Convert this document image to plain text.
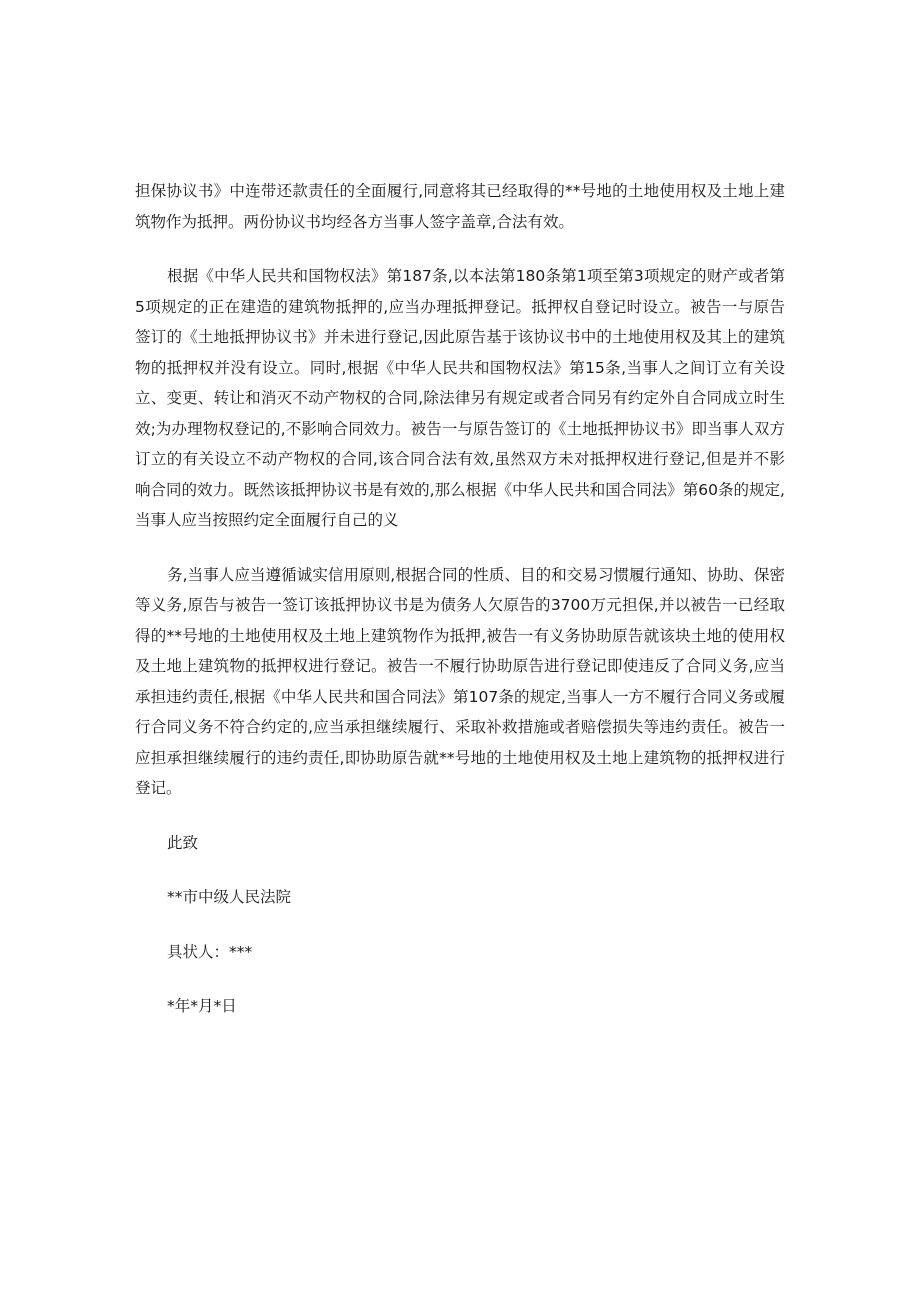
担保协议书》中连带还款责任的全面履行,同意将其已经取得的**号地的土地使用权及土地上建筑物作为抵押。两份协议书均经各方当事人签字盖章,合法有效。

根据《中华人民共和国物权法》第187条,以本法第180条第1项至第3项规定的财产或者第5项规定的正在建造的建筑物抵押的,应当办理抵押登记。抵押权自登记时设立。被告一与原告签订的《土地抵押协议书》并未进行登记,因此原告基于该协议书中的土地使用权及其上的建筑物的抵押权并没有设立。同时,根据《中华人民共和国物权法》第15条,当事人之间订立有关设立、变更、转让和消灭不动产物权的合同,除法律另有规定或者合同另有约定外自合同成立时生效;为办理物权登记的,不影响合同效力。被告一与原告签订的《土地抵押协议书》即当事人双方订立的有关设立不动产物权的合同,该合同合法有效,虽然双方未对抵押权进行登记,但是并不影响合同的效力。既然该抵押协议书是有效的,那么根据《中华人民共和国合同法》第60条的规定,当事人应当按照约定全面履行自己的义

务,当事人应当遵循诚实信用原则,根据合同的性质、目的和交易习惯履行通知、协助、保密等义务,原告与被告一签订该抵押协议书是为债务人欠原告的3700万元担保,并以被告一已经取得的**号地的土地使用权及土地上建筑物作为抵押,被告一有义务协助原告就该块土地的使用权及土地上建筑物的抵押权进行登记。被告一不履行协助原告进行登记即使违反了合同义务,应当承担违约责任,根据《中华人民共和国合同法》第107条的规定,当事人一方不履行合同义务或履行合同义务不符合约定的,应当承担继续履行、采取补救措施或者赔偿损失等违约责任。被告一应担承担继续履行的违约责任,即协助原告就**号地的土地使用权及土地上建筑物的抵押权进行登记。

此致

**市中级人民法院

具状人：***

*年*月*日
